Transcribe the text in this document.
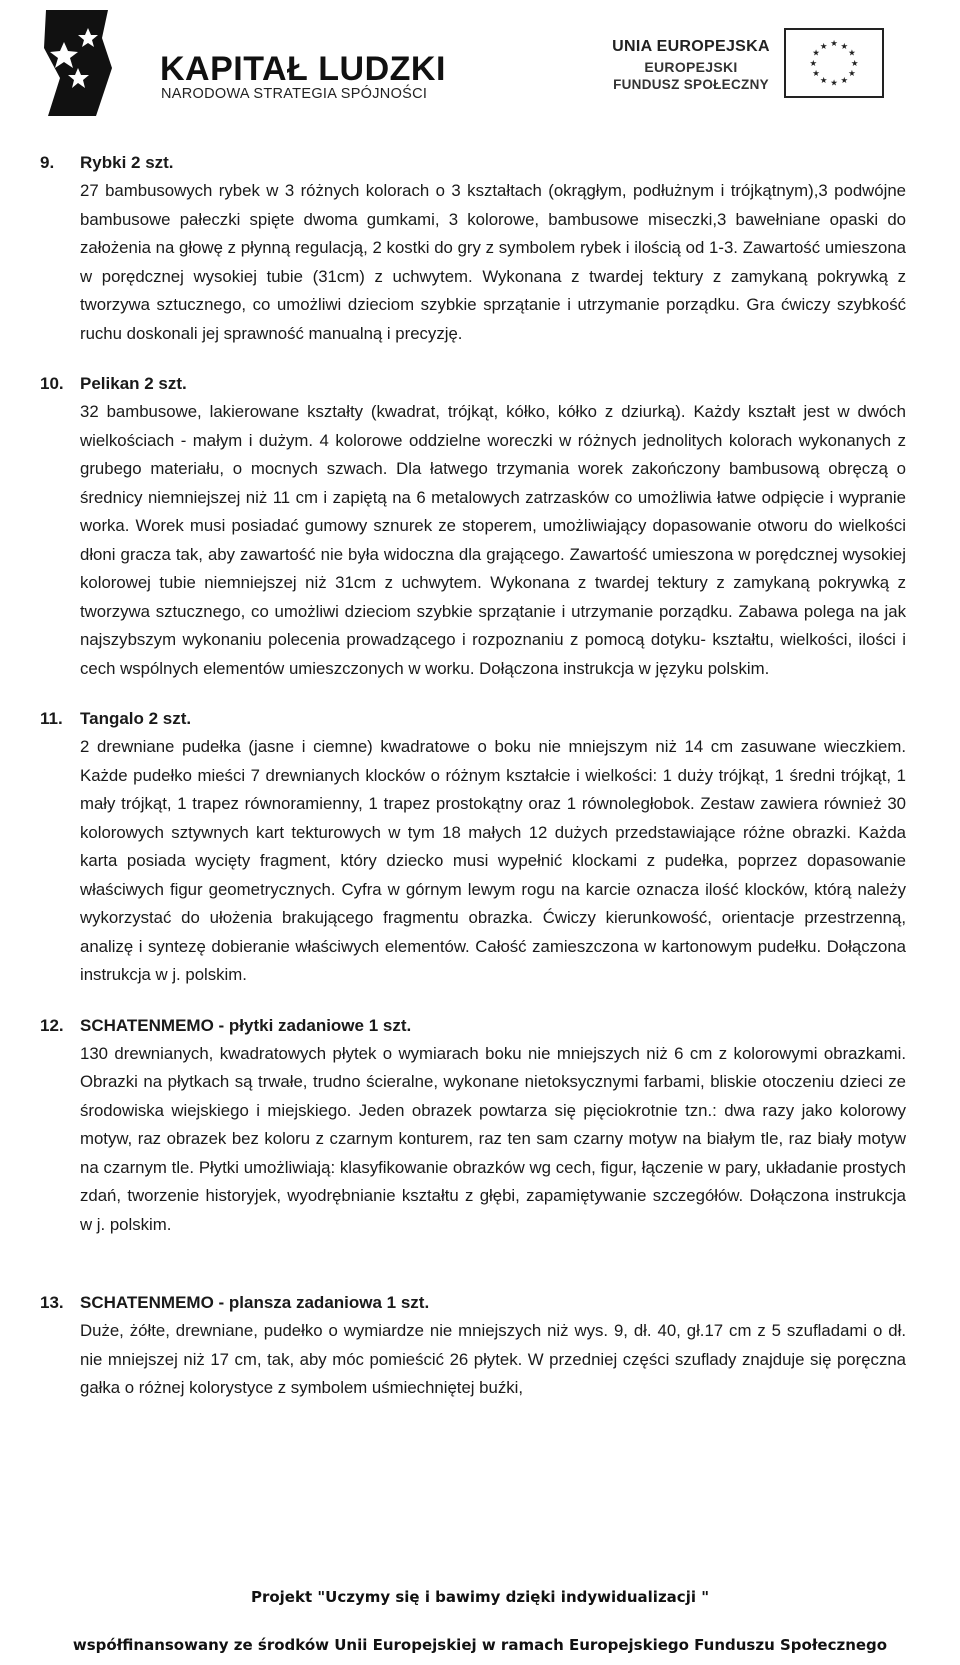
KAPITAŁ LUDZKI
NARODOWA STRATEGIA SPÓJNOŚCI
UNIA EUROPEJSKA
EUROPEJSKI
FUNDUSZ SPOŁECZNY
★ ★
★
★
★
★
★
★
★
★
★
★
9.	Rybki 2 szt.
27 bambusowych rybek w 3 różnych kolorach o 3 kształtach (okrągłym, podłużnym i trójkątnym),3 podwójne bambusowe pałeczki spięte dwoma gumkami, 3 kolorowe, bambusowe miseczki,3 bawełniane opaski do założenia na głowę z płynną regulacją, 2 kostki do gry z symbolem rybek i ilością od 1-3. Zawartość umieszona w porędcznej wysokiej tubie (31cm) z uchwytem. Wykonana z twardej tektury z zamykaną pokrywką z tworzywa sztucznego, co umożliwi dzieciom szybkie sprzątanie i utrzymanie porządku. Gra ćwiczy szybkość ruchu doskonali jej sprawność manualną i precyzję.
10. Pelikan 2 szt.
32 bambusowe, lakierowane kształty (kwadrat, trójkąt, kółko, kółko z dziurką). Każdy kształt jest w dwóch wielkościach - małym i dużym. 4 kolorowe oddzielne woreczki w różnych jednolitych kolorach wykonanych z grubego materiału, o mocnych szwach. Dla łatwego trzymania worek zakończony bambusową obręczą o średnicy niemniejszej niż 11 cm i zapiętą na 6 metalowych zatrzasków co umożliwia łatwe odpięcie i wypranie worka. Worek musi posiadać gumowy sznurek ze stoperem, umożliwiający dopasowanie otworu do wielkości dłoni gracza tak, aby zawartość nie była widoczna dla grającego. Zawartość umieszona w porędcznej wysokiej kolorowej tubie niemniejszej niż 31cm z uchwytem. Wykonana z twardej tektury z zamykaną pokrywką z tworzywa sztucznego, co umożliwi dzieciom szybkie sprzątanie i utrzymanie porządku. Zabawa polega na jak najszybszym wykonaniu polecenia prowadzącego i rozpoznaniu z pomocą dotyku- kształtu, wielkości, ilości i cech wspólnych elementów umieszczonych w worku. Dołączona instrukcja w języku polskim.
11.	Tangalo 2 szt.
2 drewniane pudełka (jasne i ciemne) kwadratowe o boku nie mniejszym niż 14 cm zasuwane wieczkiem. Każde pudełko mieści 7 drewnianych klocków o różnym kształcie i wielkości: 1 duży trójkąt, 1 średni trójkąt, 1 mały trójkąt, 1 trapez równoramienny, 1 trapez prostokątny oraz 1 równoległobok. Zestaw zawiera również 30 kolorowych sztywnych kart tekturowych w tym 18 małych 12 dużych przedstawiające różne obrazki. Każda karta posiada wycięty fragment, który dziecko musi wypełnić klockami z pudełka, poprzez dopasowanie właściwych figur geometrycznych. Cyfra w górnym lewym rogu na karcie oznacza ilość klocków, którą należy wykorzystać do ułożenia brakującego fragmentu obrazka. Ćwiczy kierunkowość, orientacje przestrzenną, analizę i syntezę dobieranie właściwych elementów. Całość zamieszczona w kartonowym pudełku. Dołączona instrukcja w j. polskim.
12. SCHATENMEMO - płytki zadaniowe 1 szt.
130 drewnianych, kwadratowych płytek o wymiarach boku nie mniejszych niż 6 cm z kolorowymi obrazkami. Obrazki na płytkach są trwałe, trudno ścieralne, wykonane nietoksycznymi farbami, bliskie otoczeniu dzieci ze środowiska wiejskiego i miejskiego. Jeden obrazek powtarza się pięciokrotnie tzn.: dwa razy jako kolorowy motyw, raz obrazek bez koloru z czarnym konturem, raz ten sam czarny motyw na białym tle, raz biały motyw na czarnym tle. Płytki umożliwiają: klasyfikowanie obrazków wg cech, figur, łączenie w pary, układanie prostych zdań, tworzenie historyjek, wyodrębnianie kształtu z głębi, zapamiętywanie szczegółów. Dołączona instrukcja w j. polskim.
13. SCHATENMEMO - plansza zadaniowa 1 szt.
Duże, żółte, drewniane, pudełko o wymiardze nie mniejszych niż wys. 9, dł. 40, gł.17 cm z 5 szufladami o dł. nie mniejszej niż 17 cm, tak, aby móc pomieścić 26 płytek. W przedniej części szuflady znajduje się poręczna gałka o różnej kolorystyce z symbolem uśmiechniętej buźki,
Projekt "Uczymy się i bawimy dzięki indywidualizacji "
współfinansowany ze środków Unii Europejskiej w ramach Europejskiego Funduszu Społecznego
